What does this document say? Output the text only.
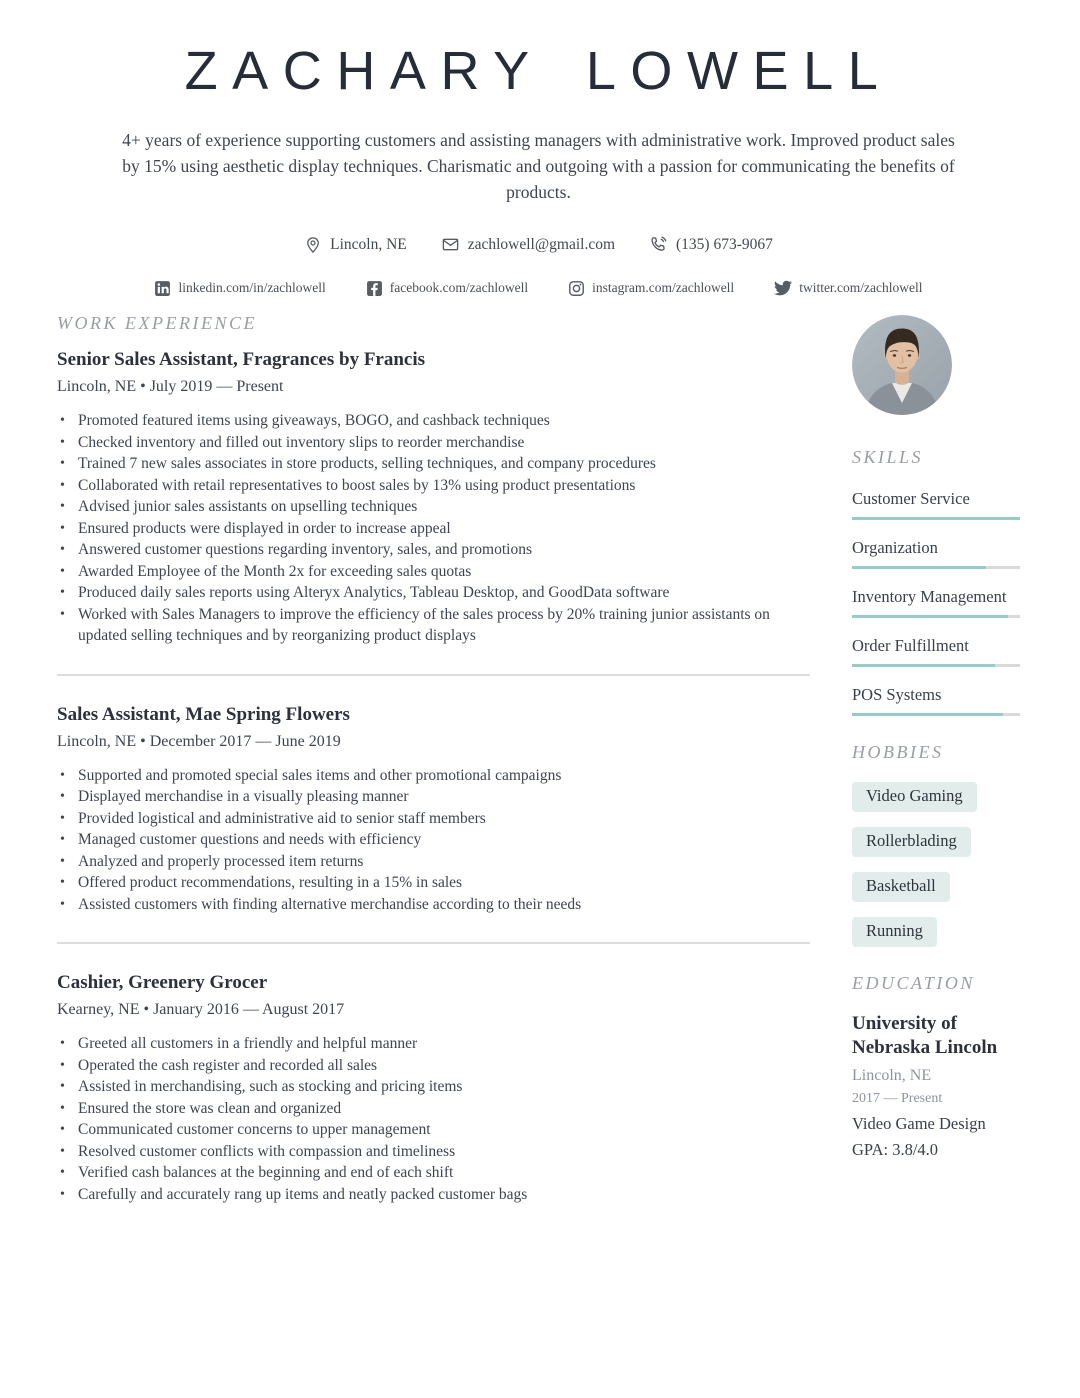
ZACHARY LOWELL

4+ years of experience supporting customers and assisting managers with administrative work. Improved product sales by 15% using aesthetic display techniques. Charismatic and outgoing with a passion for communicating the benefits of products.

Lincoln, NE	zachlowell@gmail.com	(135) 673-9067
linkedin.com/in/zachlowell	facebook.com/zachlowell	instagram.com/zachlowell	twitter.com/zachlowell
WORK EXPERIENCE
Senior Sales Assistant, Fragrances by Francis

Lincoln, NE • July 2019 — Present

• Promoted featured items using giveaways, BOGO, and cashback techniques
• Checked inventory and filled out inventory slips to reorder merchandise
• Trained 7 new sales associates in store products, selling techniques, and company procedures
• Collaborated with retail representatives to boost sales by 13% using product presentations
• Advised junior sales assistants on upselling techniques
• Ensured products were displayed in order to increase appeal
• Answered customer questions regarding inventory, sales, and promotions
• Awarded Employee of the Month 2x for exceeding sales quotas
• Produced daily sales reports using Alteryx Analytics, Tableau Desktop, and GoodData software
• Worked with Sales Managers to improve the efficiency of the sales process by 20% training junior assistants on updated selling techniques and by reorganizing product displays
Sales Assistant, Mae Spring Flowers

Lincoln, NE • December 2017 — June 2019

• Supported and promoted special sales items and other promotional campaigns
• Displayed merchandise in a visually pleasing manner
• Provided logistical and administrative aid to senior staff members
• Managed customer questions and needs with efficiency
• Analyzed and properly processed item returns
• Offered product recommendations, resulting in a 15% in sales
• Assisted customers with finding alternative merchandise according to their needs
Cashier, Greenery Grocer

Kearney, NE • January 2016 — August 2017

• Greeted all customers in a friendly and helpful manner
• Operated the cash register and recorded all sales
• Assisted in merchandising, such as stocking and pricing items
• Ensured the store was clean and organized
• Communicated customer concerns to upper management
• Resolved customer conflicts with compassion and timeliness
• Verified cash balances at the beginning and end of each shift
• Carefully and accurately rang up items and neatly packed customer bags
SKILLS
Customer Service
Organization
Inventory Management
Order Fulfillment
POS Systems
HOBBIES
Video Gaming
Rollerblading
Basketball
Running
EDUCATION
University of Nebraska Lincoln
Lincoln, NE
2017 — Present
Video Game Design
GPA: 3.8/4.0
